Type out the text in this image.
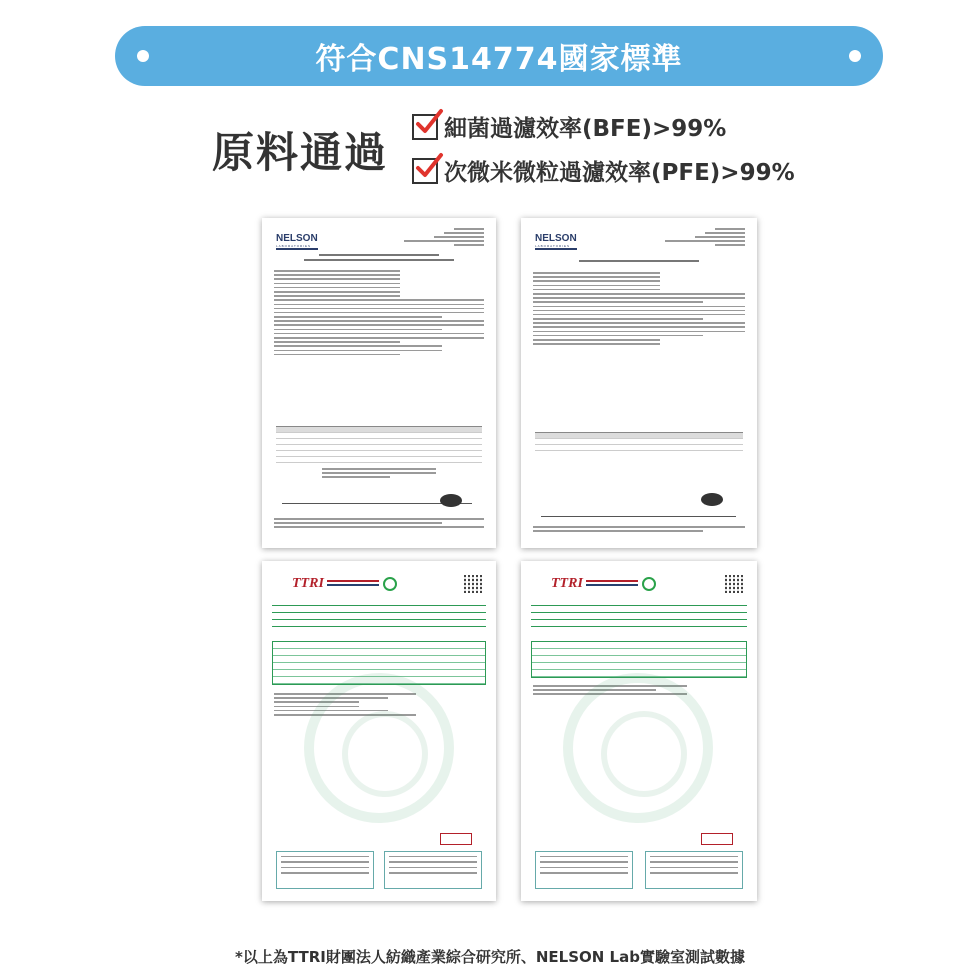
符合CNS14774國家標準
原料通過 細菌過濾效率(BFE)>99%
次微米微粒過濾效率(PFE)>99%
NELSON
LABORATORIES
NELSON
LABORATORIES
TTRI	TTRI
*以上為TTRI財團法人紡織產業綜合研究所、NELSON Lab實驗室測試數據
